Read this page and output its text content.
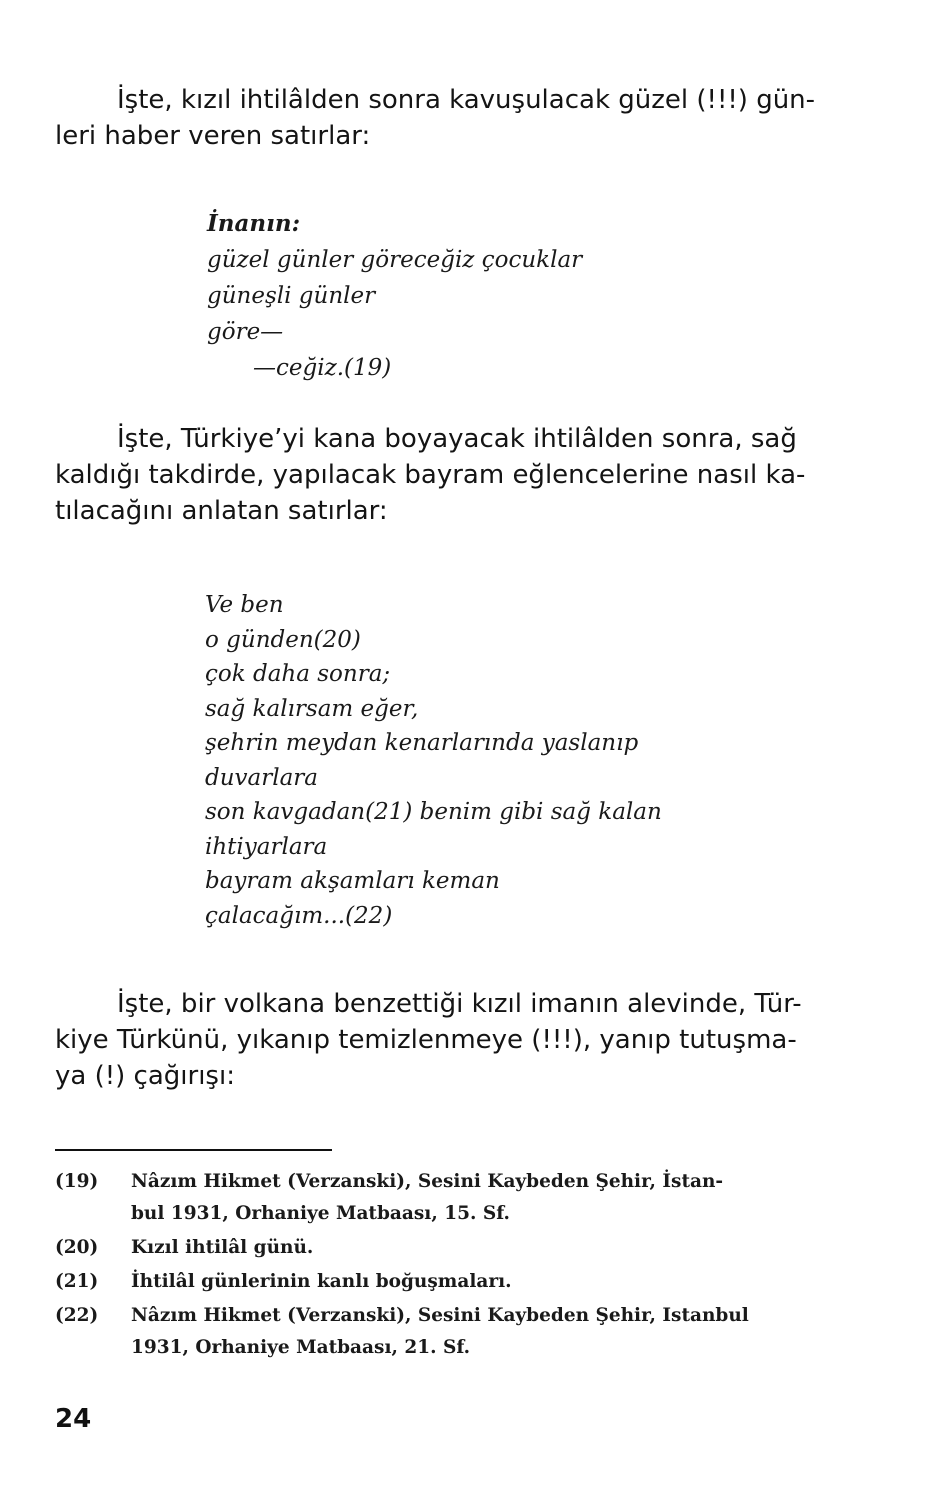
İşte, kızıl ihtilâlden sonra kavuşulacak güzel (!!!) gün-
leri haber veren satırlar:

İnanın:
güzel günler göreceğiz çocuklar
güneşli günler
göre—
—ceğiz.(19)

İşte, Türkiye’yi kana boyayacak ihtilâlden sonra, sağ
kaldığı takdirde, yapılacak bayram eğlencelerine nasıl ka-
tılacağını anlatan satırlar:

Ve ben
o günden(20)
çok daha sonra;
sağ kalırsam eğer,
şehrin meydan kenarlarında yaslanıp
duvarlara
son kavgadan(21) benim gibi sağ kalan
ihtiyarlara
bayram akşamları keman
çalacağım...(22)

İşte, bir volkana benzettiği kızıl imanın alevinde, Tür-
kiye Türkünü, yıkanıp temizlenmeye (!!!), yanıp tutuşma-
ya (!) çağırışı:

(19) Nâzım Hikmet (Verzanski), Sesini Kaybeden Şehir, İstan-
bul 1931, Orhaniye Matbaası, 15. Sf.
(20) Kızıl ihtilâl günü.
(21) İhtilâl günlerinin kanlı boğuşmaları.
(22) Nâzım Hikmet (Verzanski), Sesini Kaybeden Şehir, Istanbul
1931, Orhaniye Matbaası, 21. Sf.
24
